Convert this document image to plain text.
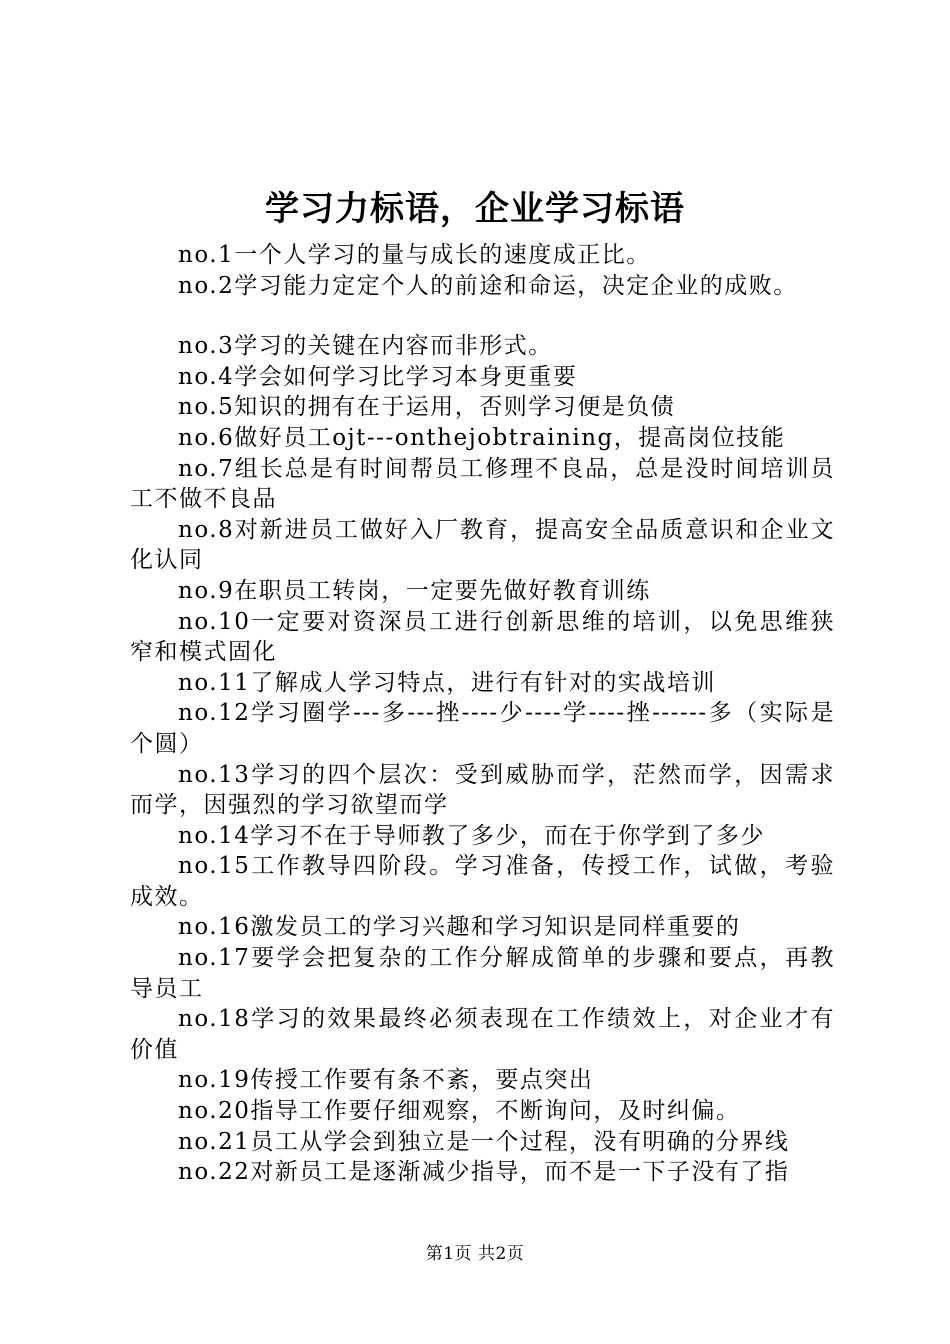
学习力标语，企业学习标语

no.1一个人学习的量与成长的速度成正比。

no.2学习能力定定个人的前途和命运，决定企业的成败。

no.3学习的关键在内容而非形式。

no.4学会如何学习比学习本身更重要

no.5知识的拥有在于运用，否则学习便是负债

no.6做好员工ojt---onthejobtraining，提高岗位技能

no.7组长总是有时间帮员工修理不良品，总是没时间培训员工不做不良品

no.8对新进员工做好入厂教育，提高安全品质意识和企业文化认同

no.9在职员工转岗，一定要先做好教育训练

no.10一定要对资深员工进行创新思维的培训，以免思维狭窄和模式固化

no.11了解成人学习特点，进行有针对的实战培训

no.12学习圈学---多---挫----少----学----挫------多（实际是个圆）

no.13学习的四个层次：受到威胁而学，茫然而学，因需求而学，因强烈的学习欲望而学

no.14学习不在于导师教了多少，而在于你学到了多少

no.15工作教导四阶段。学习准备，传授工作，试做，考验成效。

no.16激发员工的学习兴趣和学习知识是同样重要的

no.17要学会把复杂的工作分解成简单的步骤和要点，再教导员工

no.18学习的效果最终必须表现在工作绩效上，对企业才有价值

no.19传授工作要有条不紊，要点突出

no.20指导工作要仔细观察，不断询问，及时纠偏。

no.21员工从学会到独立是一个过程，没有明确的分界线

no.22对新员工是逐渐减少指导，而不是一下子没有了指

第1页 共2页
